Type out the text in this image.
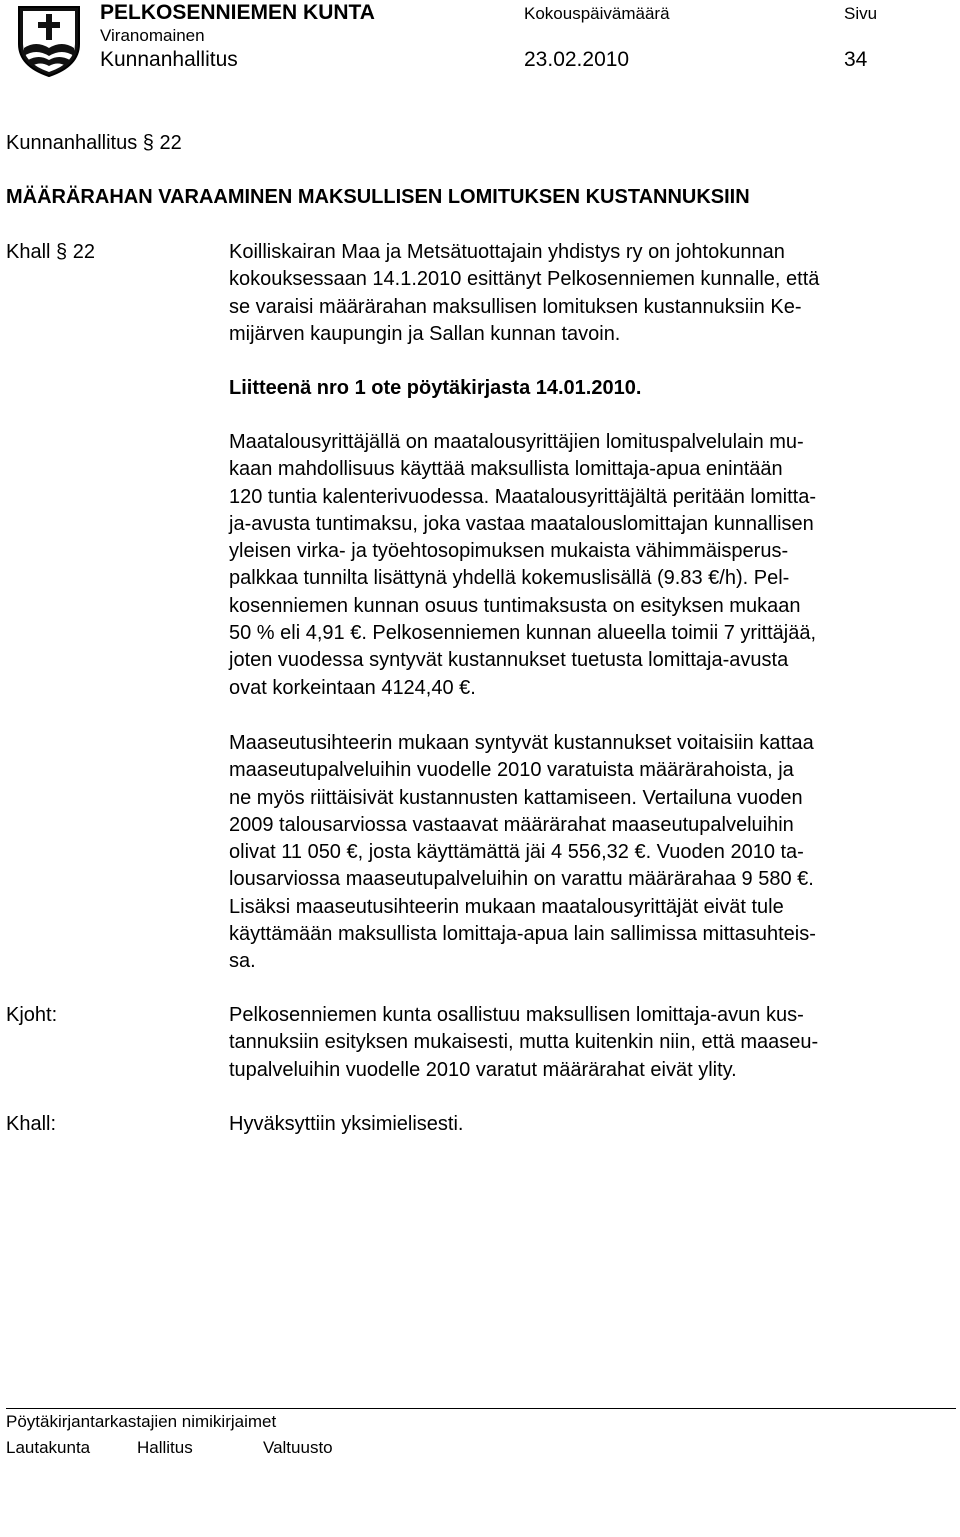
PELKOSENNIEMEN KUNTA
Viranomainen
Kunnanhallitus
Kokouspäivämäärä
23.02.2010
Sivu
34
Kunnanhallitus § 22
MÄÄRÄRAHAN VARAAMINEN MAKSULLISEN LOMITUKSEN KUSTANNUKSIIN
Khall § 22	Koilliskairan Maa ja Metsätuottajain yhdistys ry on johtokunnan
kokouksessaan 14.1.2010 esittänyt Pelkosenniemen kunnalle, että
se varaisi määrärahan maksullisen lomituksen kustannuksiin Ke-
mijärven kaupungin ja Sallan kunnan tavoin.
Liitteenä nro 1 ote pöytäkirjasta 14.01.2010.
Maatalousyrittäjällä on maatalousyrittäjien lomituspalvelulain mu-
kaan mahdollisuus käyttää maksullista lomittaja-apua enintään
120 tuntia kalenterivuodessa. Maatalousyrittäjältä peritään lomitta-
ja-avusta tuntimaksu, joka vastaa maatalouslomittajan kunnallisen
yleisen virka- ja työehtosopimuksen mukaista vähimmäisperus-
palkkaa tunnilta lisättynä yhdellä kokemuslisällä (9.83 €/h). Pel-
kosenniemen kunnan osuus tuntimaksusta on esityksen mukaan
50 % eli 4,91 €. Pelkosenniemen kunnan alueella toimii 7 yrittäjää,
joten vuodessa syntyvät kustannukset tuetusta lomittaja-avusta
ovat korkeintaan 4124,40 €.
Maaseutusihteerin mukaan syntyvät kustannukset voitaisiin kattaa
maaseutupalveluihin vuodelle 2010 varatuista määrärahoista, ja
ne myös riittäisivät kustannusten kattamiseen. Vertailuna vuoden
2009 talousarviossa vastaavat määrärahat maaseutupalveluihin
olivat 11 050 €, josta käyttämättä jäi 4 556,32 €. Vuoden 2010 ta-
lousarviossa maaseutupalveluihin on varattu määrärahaa 9 580 €.
Lisäksi maaseutusihteerin mukaan maatalousyrittäjät eivät tule
käyttämään maksullista lomittaja-apua lain sallimissa mittasuhteis-
sa.
Kjoht:	Pelkosenniemen kunta osallistuu maksullisen lomittaja-avun kus-
tannuksiin esityksen mukaisesti, mutta kuitenkin niin, että maaseu-
tupalveluihin vuodelle 2010 varatut määrärahat eivät ylity.
Khall:	Hyväksyttiin yksimielisesti.
Pöytäkirjantarkastajien nimikirjaimet
Lautakunta	Hallitus	Valtuusto
